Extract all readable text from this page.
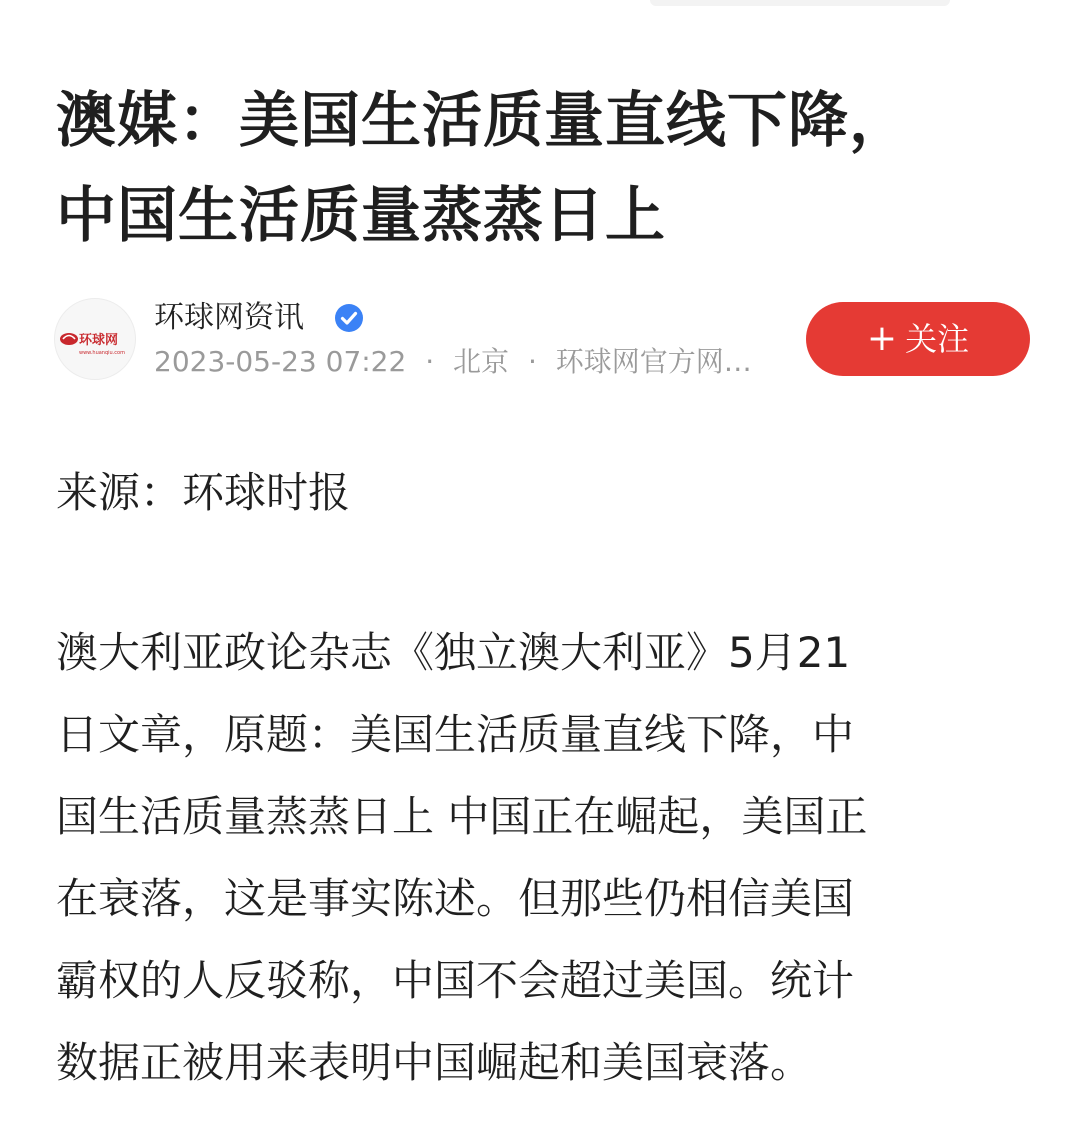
澳媒：美国生活质量直线下降，
中国生活质量蒸蒸日上
环球网
www.huanqiu.com
环球网资讯
2023-05-23 07:22 · 北京 · 环球网官方网…
+ 关注

来源：环球时报

澳大利亚政论杂志《独立澳大利亚》5月21
日文章，原题：美国生活质量直线下降，中
国生活质量蒸蒸日上 中国正在崛起，美国正
在衰落，这是事实陈述。但那些仍相信美国
霸权的人反驳称，中国不会超过美国。统计
数据正被用来表明中国崛起和美国衰落。
